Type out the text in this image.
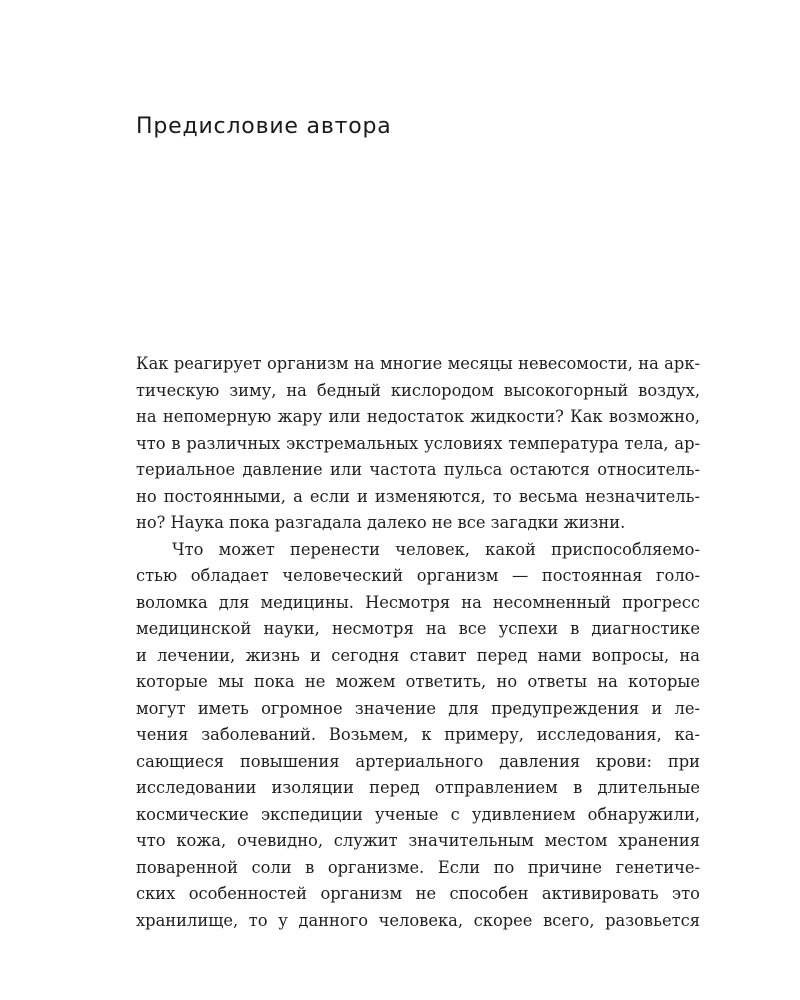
Предисловие автора
Как реагирует организм на многие месяцы невесомости, на арк-
тическую зиму, на бедный кислородом высокогорный воздух,
на непомерную жару или недостаток жидкости? Как возможно,
что в различных экстремальных условиях температура тела, ар-
териальное давление или частота пульса остаются относитель-
но постоянными, а если и изменяются, то весьма незначитель-
но? Наука пока разгадала далеко не все загадки жизни.
Что может перенести человек, какой приспособляемо-
стью обладает человеческий организм — постоянная голо-
воломка для медицины. Несмотря на несомненный прогресс
медицинской науки, несмотря на все успехи в диагностике
и лечении, жизнь и сегодня ставит перед нами вопросы, на
которые мы пока не можем ответить, но ответы на которые
могут иметь огромное значение для предупреждения и ле-
чения заболеваний. Возьмем, к примеру, исследования, ка-
сающиеся повышения артериального давления крови: при
исследовании изоляции перед отправлением в длительные
космические экспедиции ученые с удивлением обнаружили,
что кожа, очевидно, служит значительным местом хранения
поваренной соли в организме. Если по причине генетиче-
ских особенностей организм не способен активировать это
хранилище, то у данного человека, скорее всего, разовьется
